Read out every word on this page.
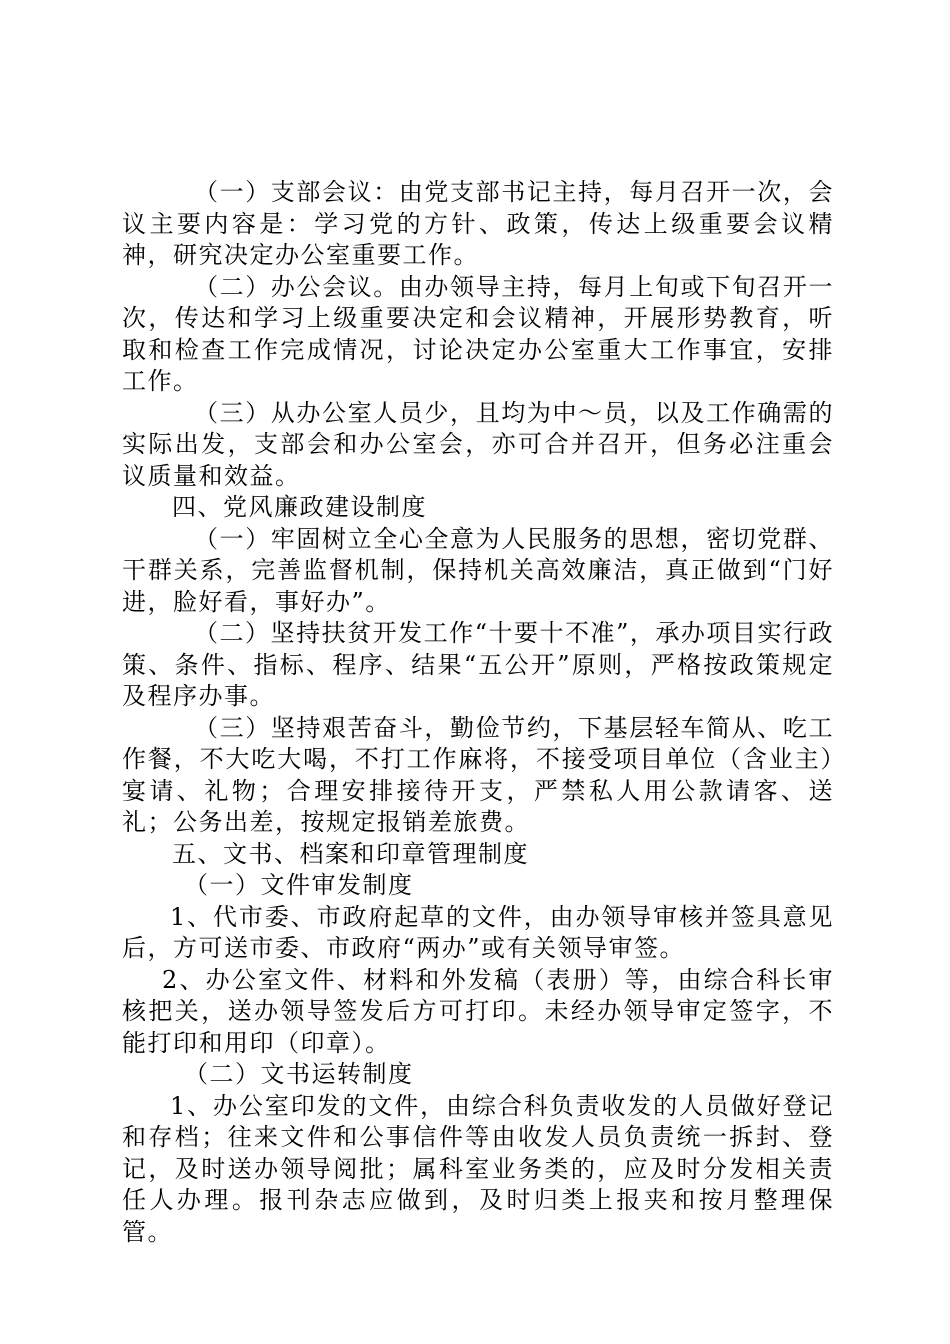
（一）支部会议：由党支部书记主持，每月召开一次，会议主要内容是：学习党的方针、政策，传达上级重要会议精神，研究决定办公室重要工作。

（二）办公会议。由办领导主持，每月上旬或下旬召开一次，传达和学习上级重要决定和会议精神，开展形势教育，听取和检查工作完成情况，讨论决定办公室重大工作事宜，安排工作。

（三）从办公室人员少，且均为中～员，以及工作确需的实际出发，支部会和办公室会，亦可合并召开，但务必注重会议质量和效益。

四、党风廉政建设制度

（一）牢固树立全心全意为人民服务的思想，密切党群、干群关系，完善监督机制，保持机关高效廉洁，真正做到“门好进，脸好看，事好办”。

（二）坚持扶贫开发工作“十要十不准”，承办项目实行政策、条件、指标、程序、结果“五公开”原则，严格按政策规定及程序办事。

（三）坚持艰苦奋斗，勤俭节约，下基层轻车简从、吃工作餐，不大吃大喝，不打工作麻将，不接受项目单位（含业主）宴请、礼物；合理安排接待开支，严禁私人用公款请客、送礼；公务出差，按规定报销差旅费。

五、文书、档案和印章管理制度

（一）文件审发制度

1、代市委、市政府起草的文件，由办领导审核并签具意见后，方可送市委、市政府“两办”或有关领导审签。

2、办公室文件、材料和外发稿（表册）等，由综合科长审核把关，送办领导签发后方可打印。未经办领导审定签字，不能打印和用印（印章）。

（二）文书运转制度

1、办公室印发的文件，由综合科负责收发的人员做好登记和存档；往来文件和公事信件等由收发人员负责统一拆封、登记，及时送办领导阅批；属科室业务类的，应及时分发相关责任人办理。报刊杂志应做到，及时归类上报夹和按月整理保管。
